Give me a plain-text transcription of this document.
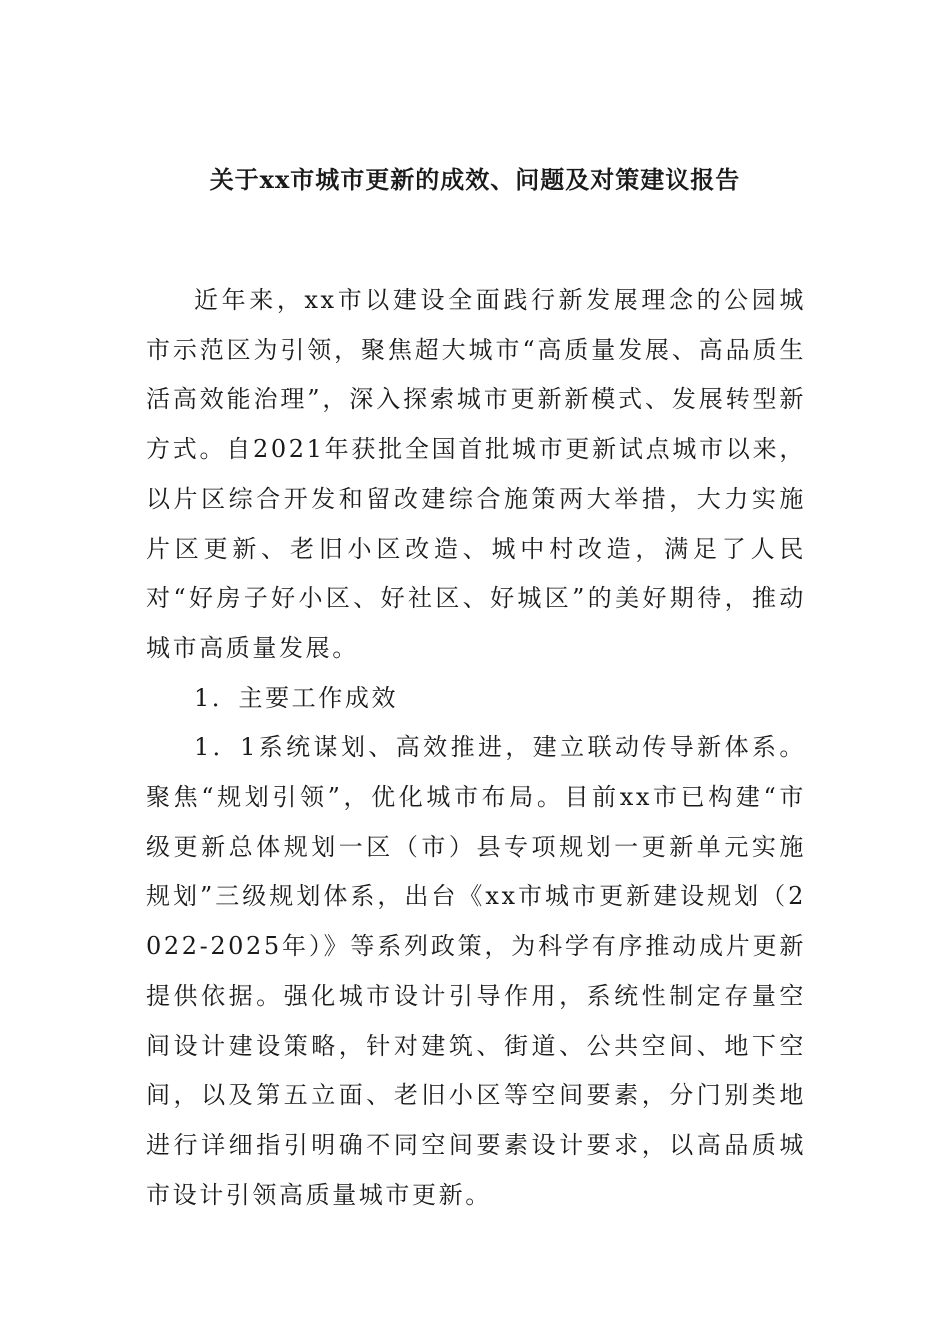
关于xx市城市更新的成效、问题及对策建议报告

近年来，xx市以建设全面践行新发展理念的公园城市示范区为引领，聚焦超大城市“高质量发展、高品质生活高效能治理”，深入探索城市更新新模式、发展转型新方式。自2021年获批全国首批城市更新试点城市以来，以片区综合开发和留改建综合施策两大举措，大力实施片区更新、老旧小区改造、城中村改造，满足了人民对“好房子好小区、好社区、好城区”的美好期待，推动城市高质量发展。

1．主要工作成效

1．1系统谋划、高效推进，建立联动传导新体系。聚焦“规划引领”，优化城市布局。目前xx市已构建“市级更新总体规划一区（市）县专项规划一更新单元实施规划”三级规划体系，出台《xx市城市更新建设规划（2022-2025年）》等系列政策，为科学有序推动成片更新提供依据。强化城市设计引导作用，系统性制定存量空间设计建设策略，针对建筑、街道、公共空间、地下空间，以及第五立面、老旧小区等空间要素，分门别类地进行详细指引明确不同空间要素设计要求，以高品质城市设计引领高质量城市更新。
